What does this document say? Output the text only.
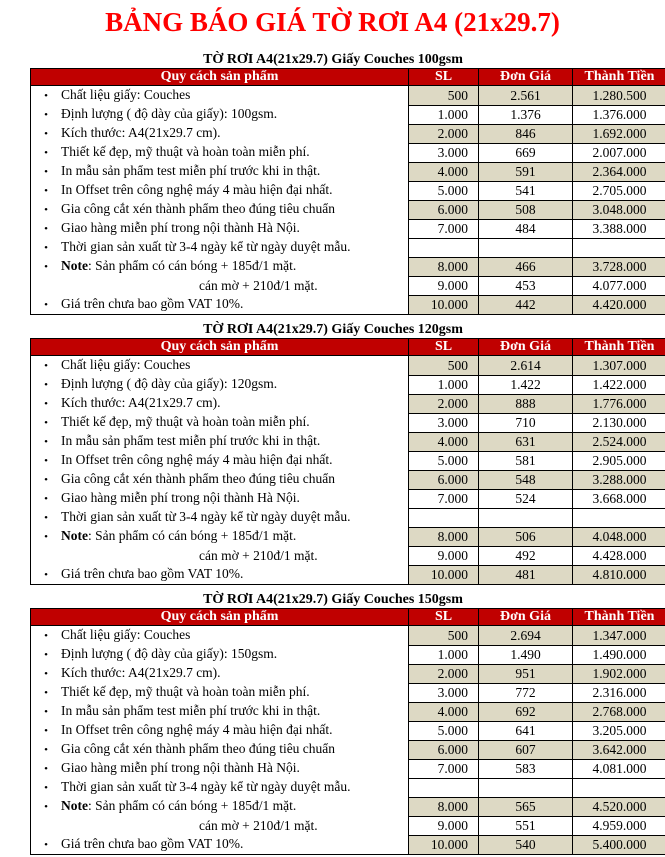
BẢNG BÁO GIÁ TỜ RƠI A4 (21x29.7)
TỜ RƠI A4(21x29.7) Giấy Couches 100gsm
Quy cách sản phẩm	SL	Đơn Giá	Thành Tiền
• Chất liệu giấy: Couches	500	2.561	1.280.500
• Định lượng ( độ dày của giấy): 100gsm.	1.000	1.376	1.376.000
• Kích thước: A4(21x29.7 cm).	2.000	846	1.692.000
• Thiết kế đẹp, mỹ thuật và hoàn toàn miễn phí.	3.000	669	2.007.000
• In mẫu sản phẩm test miễn phí trước khi in thật.	4.000	591	2.364.000
• In Offset trên công nghệ máy 4 màu hiện đại nhất.	5.000	541	2.705.000
• Gia công cắt xén thành phẩm theo đúng tiêu chuẩn	6.000	508	3.048.000
• Giao hàng miễn phí trong nội thành Hà Nội.	7.000	484	3.388.000
• Thời gian sản xuất từ 3-4 ngày kể từ ngày duyệt mẫu.			
• Note: Sản phẩm có cán bóng + 185đ/1 mặt.	8.000	466	3.728.000
cán mờ + 210đ/1 mặt.	9.000	453	4.077.000
• Giá trên chưa bao gồm VAT 10%.	10.000	442	4.420.000
TỜ RƠI A4(21x29.7) Giấy Couches 120gsm
Quy cách sản phẩm	SL	Đơn Giá	Thành Tiền
• Chất liệu giấy: Couches	500	2.614	1.307.000
• Định lượng ( độ dày của giấy): 120gsm.	1.000	1.422	1.422.000
• Kích thước: A4(21x29.7 cm).	2.000	888	1.776.000
• Thiết kế đẹp, mỹ thuật và hoàn toàn miễn phí.	3.000	710	2.130.000
• In mẫu sản phẩm test miễn phí trước khi in thật.	4.000	631	2.524.000
• In Offset trên công nghệ máy 4 màu hiện đại nhất.	5.000	581	2.905.000
• Gia công cắt xén thành phẩm theo đúng tiêu chuẩn	6.000	548	3.288.000
• Giao hàng miễn phí trong nội thành Hà Nội.	7.000	524	3.668.000
• Thời gian sản xuất từ 3-4 ngày kể từ ngày duyệt mẫu.			
• Note: Sản phẩm có cán bóng + 185đ/1 mặt.	8.000	506	4.048.000
cán mờ + 210đ/1 mặt.	9.000	492	4.428.000
• Giá trên chưa bao gồm VAT 10%.	10.000	481	4.810.000
TỜ RƠI A4(21x29.7) Giấy Couches 150gsm
Quy cách sản phẩm	SL	Đơn Giá	Thành Tiền
• Chất liệu giấy: Couches	500	2.694	1.347.000
• Định lượng ( độ dày của giấy): 150gsm.	1.000	1.490	1.490.000
• Kích thước: A4(21x29.7 cm).	2.000	951	1.902.000
• Thiết kế đẹp, mỹ thuật và hoàn toàn miễn phí.	3.000	772	2.316.000
• In mẫu sản phẩm test miễn phí trước khi in thật.	4.000	692	2.768.000
• In Offset trên công nghệ máy 4 màu hiện đại nhất.	5.000	641	3.205.000
• Gia công cắt xén thành phẩm theo đúng tiêu chuẩn	6.000	607	3.642.000
• Giao hàng miễn phí trong nội thành Hà Nội.	7.000	583	4.081.000
• Thời gian sản xuất từ 3-4 ngày kể từ ngày duyệt mẫu.			
• Note: Sản phẩm có cán bóng + 185đ/1 mặt.	8.000	565	4.520.000
cán mờ + 210đ/1 mặt.	9.000	551	4.959.000
• Giá trên chưa bao gồm VAT 10%.	10.000	540	5.400.000
